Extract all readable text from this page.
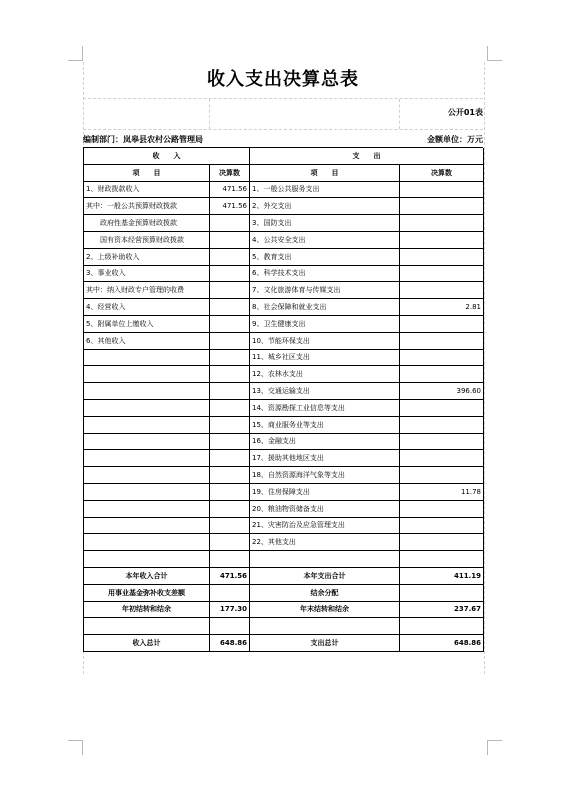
收入支出决算总表
公开01表
编制部门：岚皋县农村公路管理局	金额单位：万元
收　　入		支　　出	
项　　目	决算数	项　　目	决算数
1、财政拨款收入	471.56	1、一般公共服务支出	
其中：一般公共预算财政拨款	471.56	2、外交支出	
政府性基金预算财政拨款		3、国防支出	
国有资本经营预算财政拨款		4、公共安全支出	
2、上级补助收入		5、教育支出	
3、事业收入		6、科学技术支出	
其中：纳入财政专户管理的收费		7、文化旅游体育与传媒支出	
4、经营收入		8、社会保障和就业支出	2.81
5、附属单位上缴收入		9、卫生健康支出	
6、其他收入		10、节能环保支出	
		11、城乡社区支出	
		12、农林水支出	
		13、交通运输支出	396.60
		14、资源勘探工业信息等支出	
		15、商业服务业等支出	
		16、金融支出	
		17、援助其他地区支出	
		18、自然资源海洋气象等支出	
		19、住房保障支出	11.78
		20、粮油物资储备支出	
		21、灾害防治及应急管理支出	
		22、其他支出	

本年收入合计	471.56	本年支出合计	411.19
用事业基金弥补收支差额		结余分配	
年初结转和结余	177.30	年末结转和结余	237.67

收入总计	648.86	支出总计	648.86
